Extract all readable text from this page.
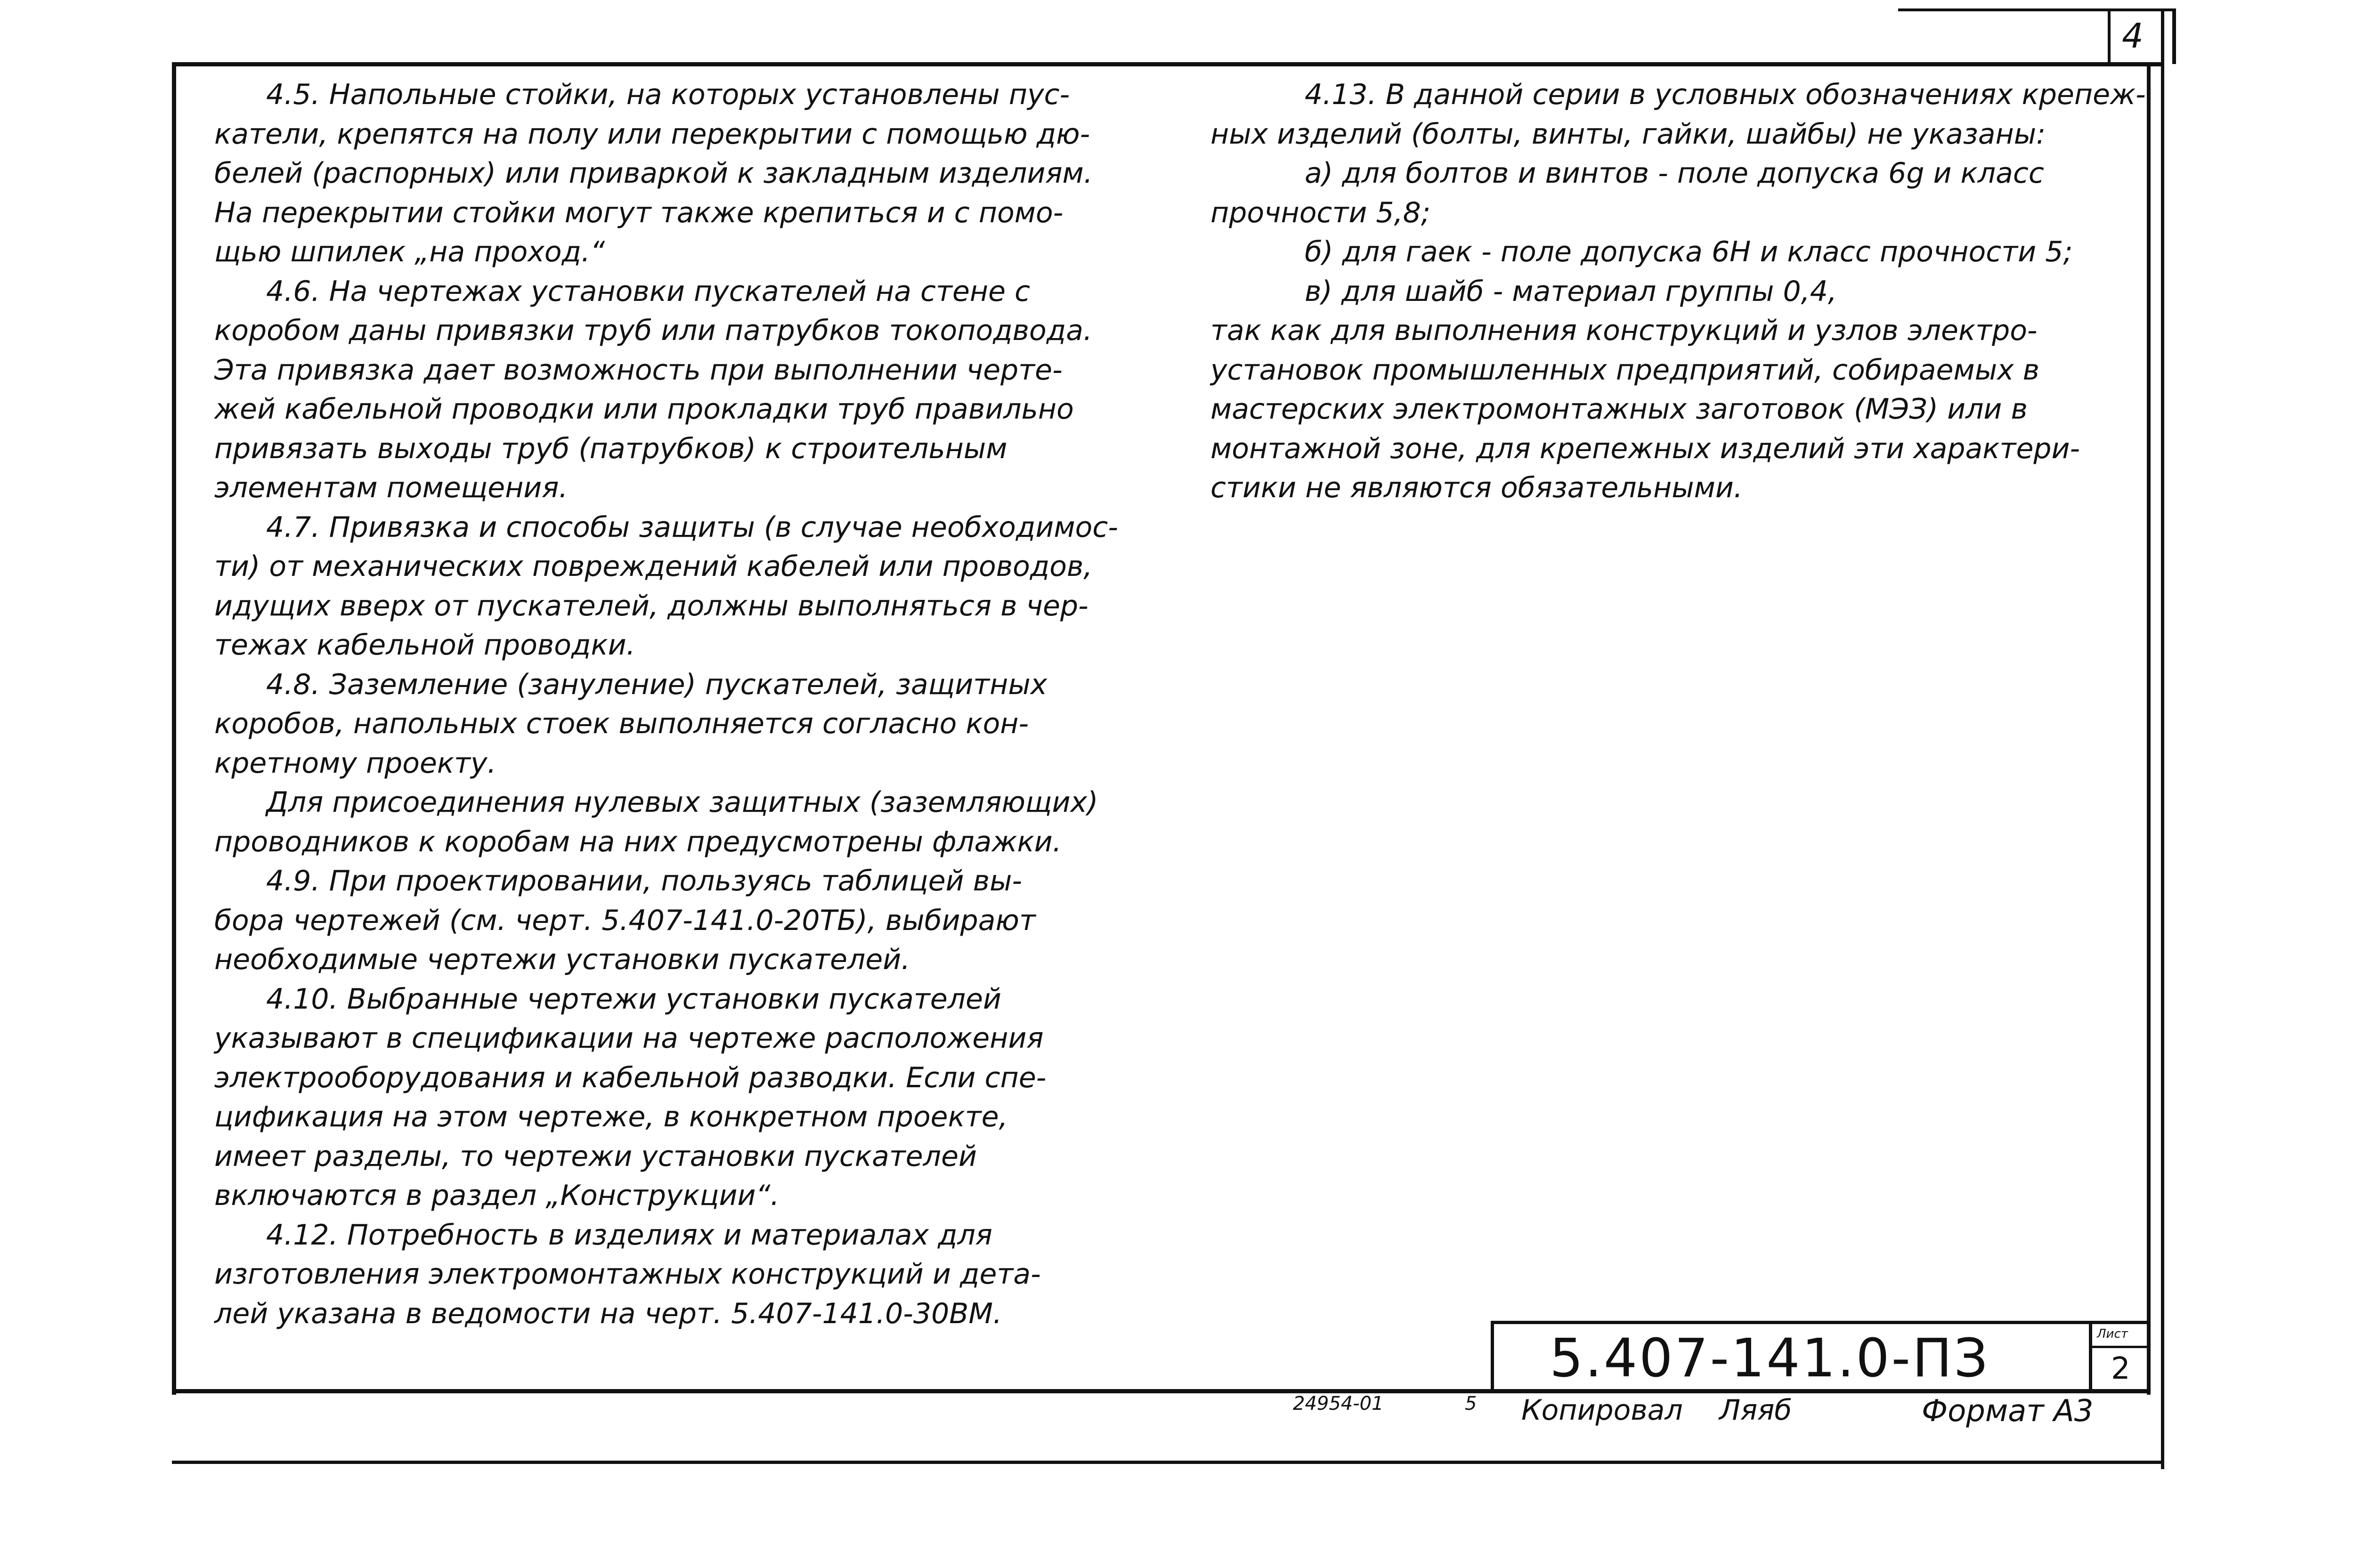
4

4.5. Напольные стойки, на которых установлены пус-

катели, крепятся на полу или перекрытии с помощью дю-

белей (распорных) или приваркой к закладным изделиям.

На перекрытии стойки могут также крепиться и с помо-

щью шпилек „на проход.“

4.6. На чертежах установки пускателей на стене с

коробом даны привязки труб или патрубков токоподвода.

Эта привязка дает возможность при выполнении черте-

жей кабельной проводки или прокладки труб правильно

привязать выходы труб (патрубков) к строительным

элементам помещения.

4.7. Привязка и способы защиты (в случае необходимос-

ти) от механических повреждений кабелей или проводов,

идущих вверх от пускателей, должны выполняться в чер-

тежах кабельной проводки.

4.8. Заземление (зануление) пускателей, защитных

коробов, напольных стоек выполняется согласно кон-

кретному проекту.

Для присоединения нулевых защитных (заземляющих)

проводников к коробам на них предусмотрены флажки.

4.9. При проектировании, пользуясь таблицей вы-

бора чертежей (см. черт. 5.407-141.0-20ТБ), выбирают

необходимые чертежи установки пускателей.

4.10. Выбранные чертежи установки пускателей

указывают в спецификации на чертеже расположения

электрооборудования и кабельной разводки. Если спе-

цификация на этом чертеже, в конкретном проекте,

имеет разделы, то чертежи установки пускателей

включаются в раздел „Конструкции“.

4.12. Потребность в изделиях и материалах для

изготовления электромонтажных конструкций и дета-

лей указана в ведомости на черт. 5.407-141.0-30ВМ.

4.13. В данной серии в условных обозначениях крепеж-

ных изделий (болты, винты, гайки, шайбы) не указаны:

а) для болтов и винтов - поле допуска 6g и класс

прочности 5,8;

б) для гаек - поле допуска 6Н и класс прочности 5;

в) для шайб - материал группы 0,4,

так как для выполнения конструкций и узлов электро-

установок промышленных предприятий, собираемых в

мастерских электромонтажных заготовок (МЭЗ) или в

монтажной зоне, для крепежных изделий эти характери-

стики не являются обязательными.

5.407-141.0-ПЗ	Лист
2
24954-01	5 Копировал Ляяб	Формат А3
